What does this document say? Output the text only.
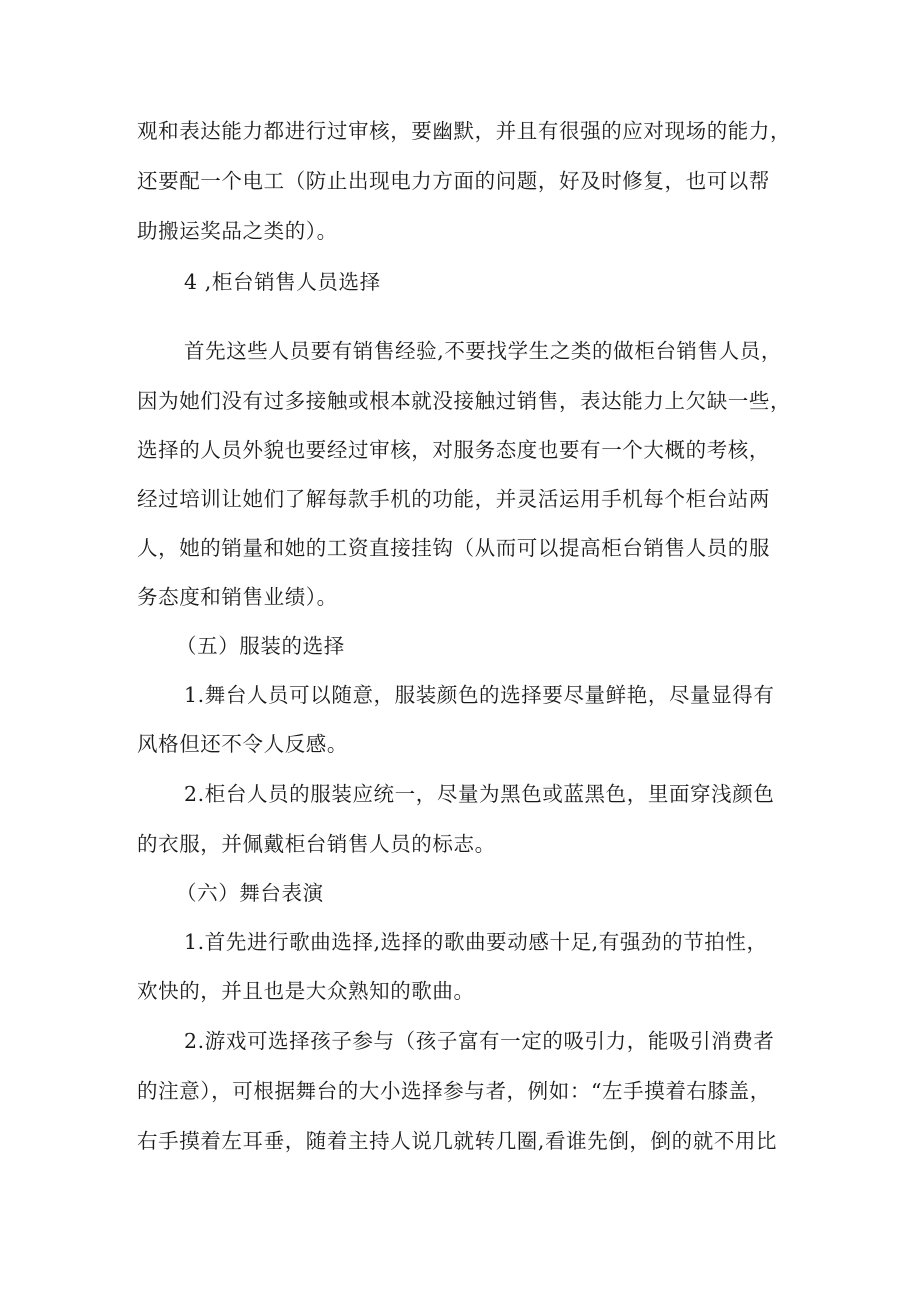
观和表达能力都进行过审核，要幽默，并且有很强的应对现场的能力，
还要配一个电工（防止出现电力方面的问题，好及时修复，也可以帮
助搬运奖品之类的）。
4 ,柜台销售人员选择
首先这些人员要有销售经验,不要找学生之类的做柜台销售人员，
因为她们没有过多接触或根本就没接触过销售，表达能力上欠缺一些，
选择的人员外貌也要经过审核，对服务态度也要有一个大概的考核，
经过培训让她们了解每款手机的功能，并灵活运用手机每个柜台站两
人，她的销量和她的工资直接挂钩（从而可以提高柜台销售人员的服
务态度和销售业绩）。
（五）服装的选择
1.舞台人员可以随意，服装颜色的选择要尽量鲜艳，尽量显得有
风格但还不令人反感。
2.柜台人员的服装应统一，尽量为黑色或蓝黑色，里面穿浅颜色
的衣服，并佩戴柜台销售人员的标志。
（六）舞台表演
1.首先进行歌曲选择,选择的歌曲要动感十足,有强劲的节拍性，
欢快的，并且也是大众熟知的歌曲。
2.游戏可选择孩子参与（孩子富有一定的吸引力，能吸引消费者
的注意），可根据舞台的大小选择参与者，例如：“左手摸着右膝盖，
右手摸着左耳垂，随着主持人说几就转几圈,看谁先倒，倒的就不用比
